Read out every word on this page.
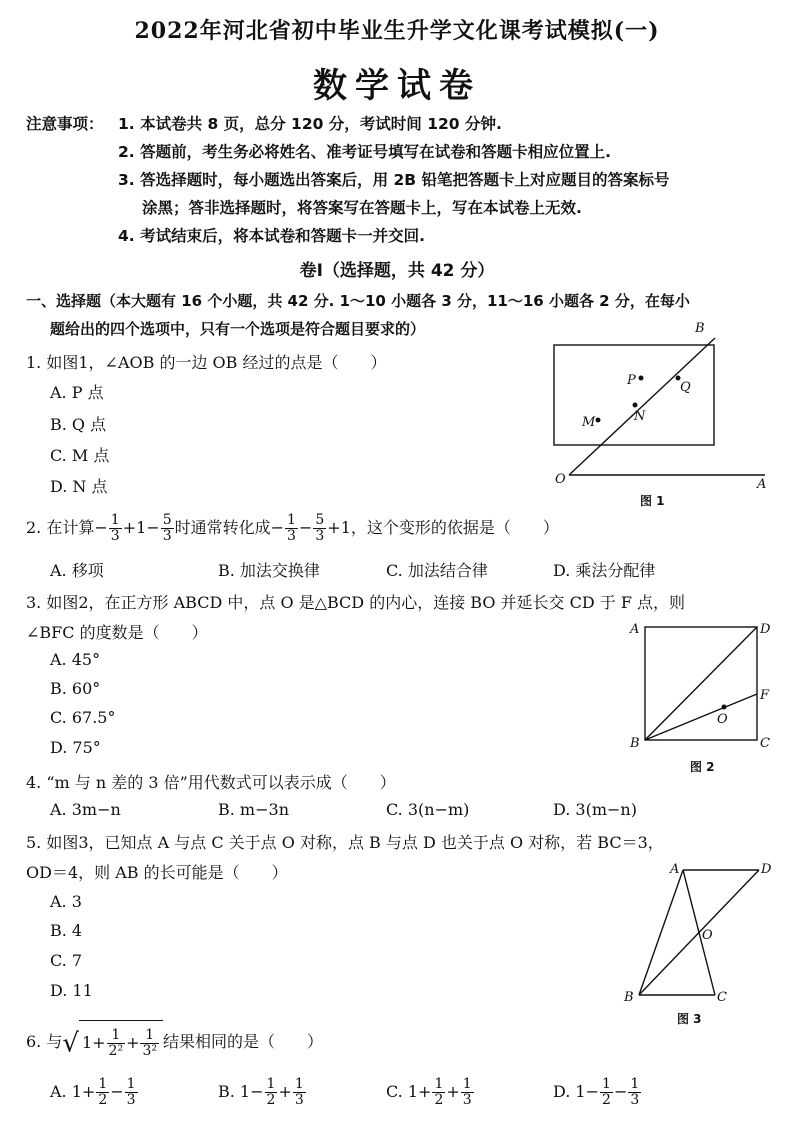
2022年河北省初中毕业生升学文化课考试模拟(一)
数学试卷
注意事项： 1. 本试卷共 8 页，总分 120 分，考试时间 120 分钟.
2. 答题前，考生务必将姓名、准考证号填写在试卷和答题卡相应位置上.
3. 答选择题时，每小题选出答案后，用 2B 铅笔把答题卡上对应题目的答案标号
涂黑；答非选择题时，将答案写在答题卡上，写在本试卷上无效.
4. 考试结束后，将本试卷和答题卡一并交回.
卷Ⅰ（选择题，共 42 分）
一、选择题（本大题有 16 个小题，共 42 分. 1～10 小题各 3 分，11～16 小题各 2 分，在每小
题给出的四个选项中，只有一个选项是符合题目要求的）
1. 如图1，∠AOB 的一边 OB 经过的点是（　　）
A. P 点
B. Q 点
C. M 点
D. N 点
B
P	Q
N
M
O	A
图 1
2. 在计算− $\frac{1}{3} +1- \frac{5}{3}$ 时通常转化成− $\frac{1}{3} - \frac{5}{3} +1$，这个变形的依据是（　　）
A. 移项	B. 加法交换律	C. 加法结合律	D. 乘法分配律
3. 如图2，在正方形 ABCD 中，点 O 是△BCD 的内心，连接 BO 并延长交 CD 于 F 点，则
∠BFC 的度数是（　　）
A. 45°
B. 60°
C. 67.5°
D. 75°
A	D
F
O
B	C
图 2
4. “m 与 n 差的 3 倍”用代数式可以表示成（　　）
A. 3m−n	B. m−3n	C. 3(n−m)	D. 3(m−n)
5. 如图3，已知点 A 与点 C 关于点 O 对称，点 B 与点 D 也关于点 O 对称，若 BC＝3，
OD＝4，则 AB 的长可能是（　　）
A. 3
B. 4
C. 7
D. 11
A	D
O
B	C
图 3
6. 与√ $1+ \frac{1}{\text{2²}} + \frac{1}{\text{3²}}$ 结果相同的是（　　）
A. $1+ \frac{1}{2} - \frac{1}{3}$	B. $1- \frac{1}{2} + \frac{1}{3}$	C. $1+ \frac{1}{2} + \frac{1}{3}$	D. $1- \frac{1}{2} - \frac{1}{3}$
